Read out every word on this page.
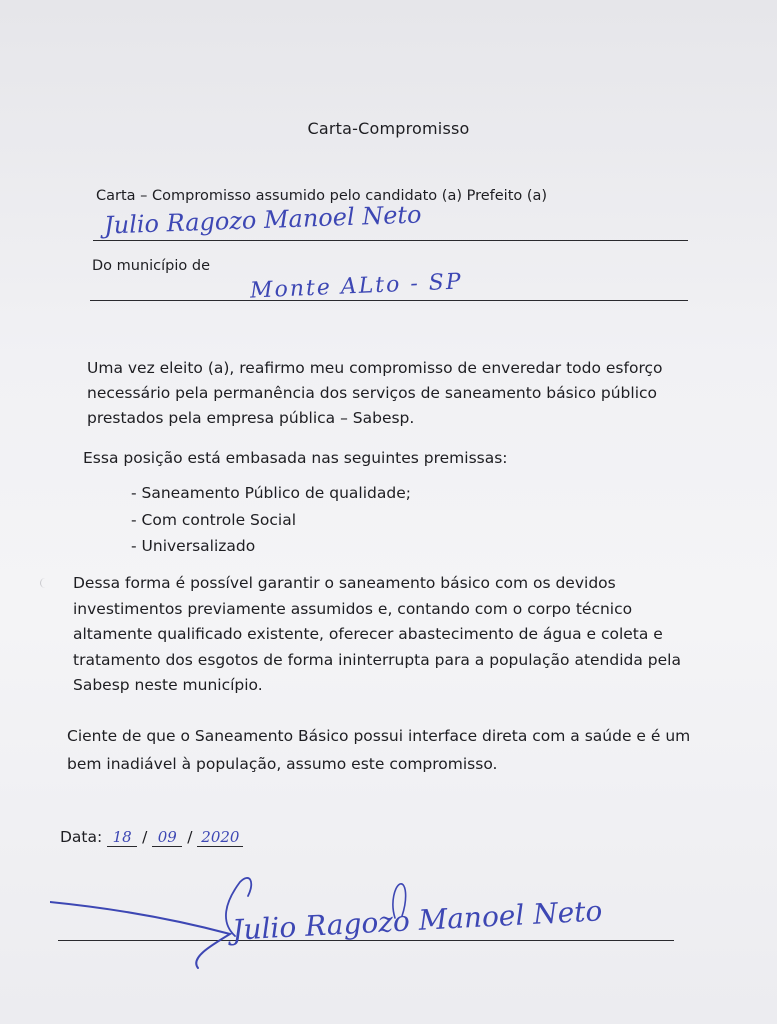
Carta-Compromisso
Carta – Compromisso assumido pelo candidato (a) Prefeito (a)
Julio Ragozo Manoel Neto
Do município de
Monte ALto - SP

Uma vez eleito (a), reafirmo meu compromisso de enveredar todo esforço necessário pela permanência dos serviços de saneamento básico público prestados pela empresa pública – Sabesp.

Essa posição está embasada nas seguintes premissas:

- Saneamento Público de qualidade;
- Com controle Social
- Universalizado

Dessa forma é possível garantir o saneamento básico com os devidos investimentos previamente assumidos e, contando com o corpo técnico altamente qualificado existente, oferecer abastecimento de água e coleta e tratamento dos esgotos de forma ininterrupta para a população atendida pela Sabesp neste município.

Ciente de que o Saneamento Básico possui interface direta com a saúde e é um bem inadiável à população, assumo este compromisso.

Data: 18 / 09 / 2020
Julio Ragozo Manoel Neto
